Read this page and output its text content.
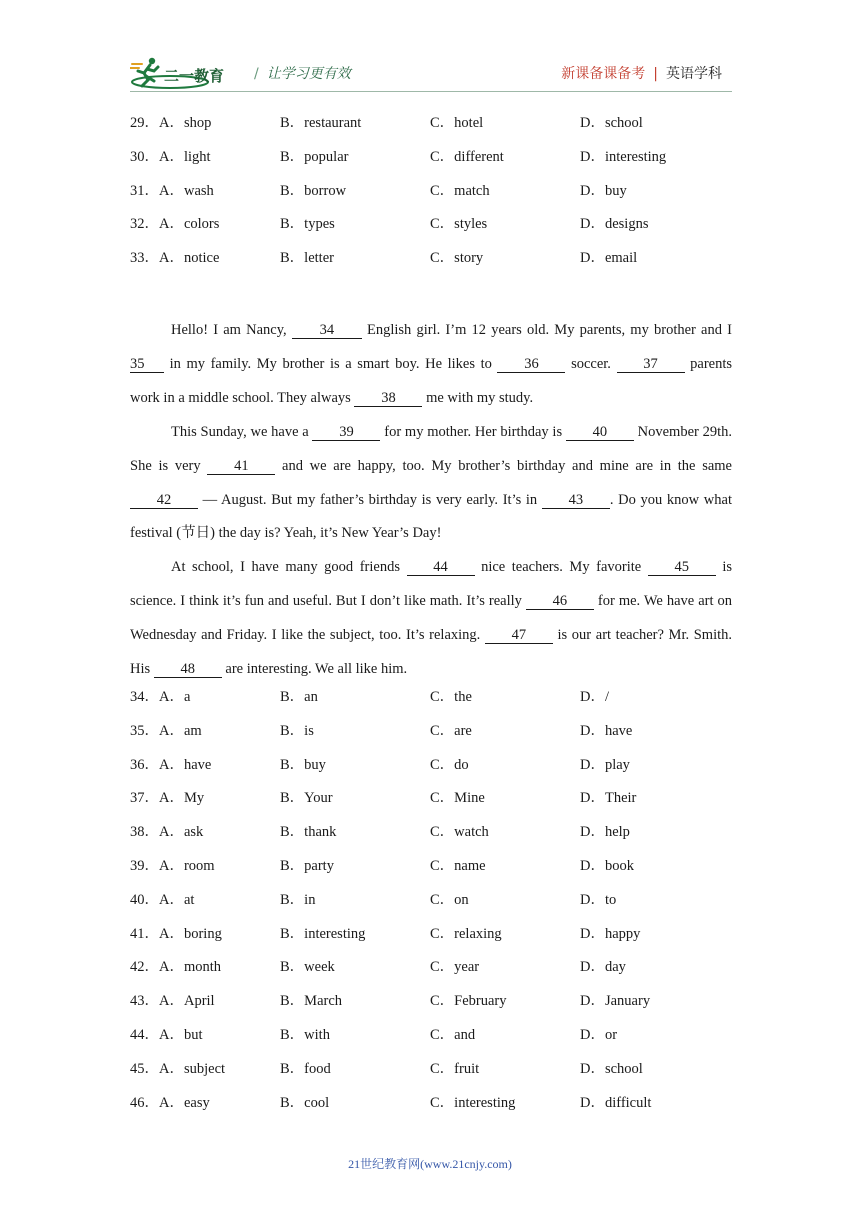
二一教育 / 让学习更有效	新课备课备考 | 英语学科
29．A．shop	B．restaurant	C．hotel	D．school
30．A．light	B．popular	C．different	D．interesting
31．A．wash	B．borrow	C．match	D．buy
32．A．colors	B．types	C．styles	D．designs
33．A．notice	B．letter	C．story	D．email

Hello! I am Nancy, 34 English girl. I’m 12 years old. My parents, my brother and I 35 in my family. My brother is a smart boy. He likes to 36 soccer. 37 parents work in a middle school. They always 38 me with my study.

This Sunday, we have a 39 for my mother. Her birthday is 40 November 29th. She is very 41 and we are happy, too. My brother’s birthday and mine are in the same 42 — August. But my father’s birthday is very early. It’s in 43 . Do you know what festival (节日) the day is? Yeah, it’s New Year’s Day!

At school, I have many good friends 44 nice teachers. My favorite 45 is science. I think it’s fun and useful. But I don’t like math. It’s really 46 for me. We have art on Wednesday and Friday. I like the subject, too. It’s relaxing. 47 is our art teacher? Mr. Smith. His 48 are interesting. We all like him.

34．A．a	B．an	C．the	D．/
35．A．am	B．is	C．are	D．have
36．A．have	B．buy	C．do	D．play
37．A．My	B．Your	C．Mine	D．Their
38．A．ask	B．thank	C．watch	D．help
39．A．room	B．party	C．name	D．book
40．A．at	B．in	C．on	D．to
41．A．boring	B．interesting	C．relaxing	D．happy
42．A．month	B．week	C．year	D．day
43．A．April	B．March	C．February	D．January
44．A．but	B．with	C．and	D．or
45．A．subject	B．food	C．fruit	D．school
46．A．easy	B．cool	C．interesting	D．difficult
21世纪教育网(www.21cnjy.com)
